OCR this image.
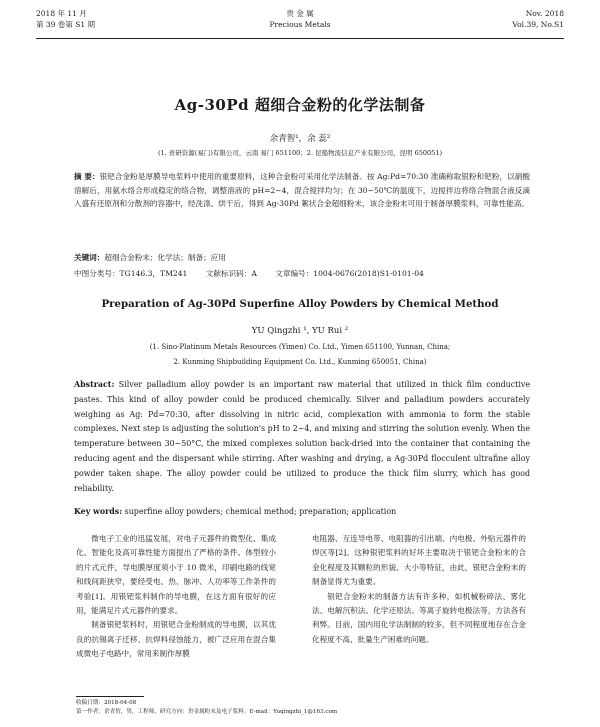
2018 年 11 月
第 39 卷第 S1 期
贵 金 属
Precious Metals
Nov. 2018
Vol.39, No.S1
Ag-30Pd 超细合金粉的化学法制备
余青智¹，余 蕊²
(1. 贵研资源(易门)有限公司，云南 易门 651100；2. 昆船物流信息产业有限公司，昆明 650051)
摘 要：银钯合金粉是厚膜导电浆料中使用的重要原料，这种合金粉可采用化学法制备。按 Ag:Pd=70:30 准确称取银粉和钯粉，以硝酸溶解后，用氨水络合形成稳定的络合物，调整溶液的 pH=2~4，混合搅拌均匀；在 30~50℃的温度下，边搅拌边将络合物混合液反滴入盛有还原剂和分散剂的容器中，经洗涤、烘干后，得到 Ag-30Pd 絮状合金超细粉末，该合金粉末可用于制备厚膜浆料，可靠性能高。
关键词：超细合金粉末；化学法；制备；应用
中图分类号：TG146.3，TM241 文献标识码：A 文章编号：1004-0676(2018)S1-0101-04
Preparation of Ag-30Pd Superfine Alloy Powders by Chemical Method
YU Qingzhi ¹, YU Rui ²
(1. Sino-Platinum Metals Resources (Yimen) Co. Ltd., Yimen 651100, Yunnan, China;
2. Kunming Shipbuilding Equipment Co. Ltd., Kunming 650051, China)
Abstract: Silver palladium alloy powder is an important raw material that utilized in thick film conductive pastes. This kind of alloy powder could be produced chemically. Silver and palladium powders accurately weighing as Ag: Pd=70:30, after dissolving in nitric acid, complexation with ammonia to form the stable complexes. Next step is adjusting the solution's pH to 2~4, and mixing and stirring the solution evenly. When the temperature between 30~50°C, the mixed complexes solution back-dried into the container that containing the reducing agent and the dispersant while stirring. After washing and drying, a Ag-30Pd flocculent ultrafine alloy powder taken shape. The alloy powder could be utilized to produce the thick film slurry, which has good reliability.
Key words: superfine alloy powders; chemical method; preparation; application

微电子工业的迅猛发展，对电子元器件的微型化、集成化、智能化及高可靠性能方面提出了严格的条件。体型较小的片式元件，导电膜厚度须小于 10 微米，印刷电路的线宽和线间距狭窄，要经受电、热、脉冲、人功率等工作条件的考验[1]。用银钯浆料制作的导电膜，在这方面有很好的应用，能满足片式元器件的要求。

制备银钯浆料时，用银钯合金粉制成的导电膜，以其优良的抗锡离子迁移、抗焊料侵蚀能力，被广泛应用在混合集成微电子电路中，常用来制作厚膜

电阻器、互连导电带、电阻器的引出端、内电极、外贴元器件的焊区等[2]。这种银钯浆料的好坏主要取决于银钯合金粉末的合金化程度及其颗粒的形貌、大小等特征，由此，银钯合金粉末的制备显得尤为重要。

银钯合金粉末的制备方法有许多种，如机械粉碎法、雾化法、电解沉积法、化学还原法、等离子旋转电极法等，方法各有利弊。目前，国内用化学法制制的较多，但不同程度地存在合金化程度不高、批量生产困难的问题。

收稿日期：2018-04-08
第一作者：余青智，男，工程师，研究方向：贵金属粉末及电子浆料。E-mail：Yuqingzhi_1@163.com
